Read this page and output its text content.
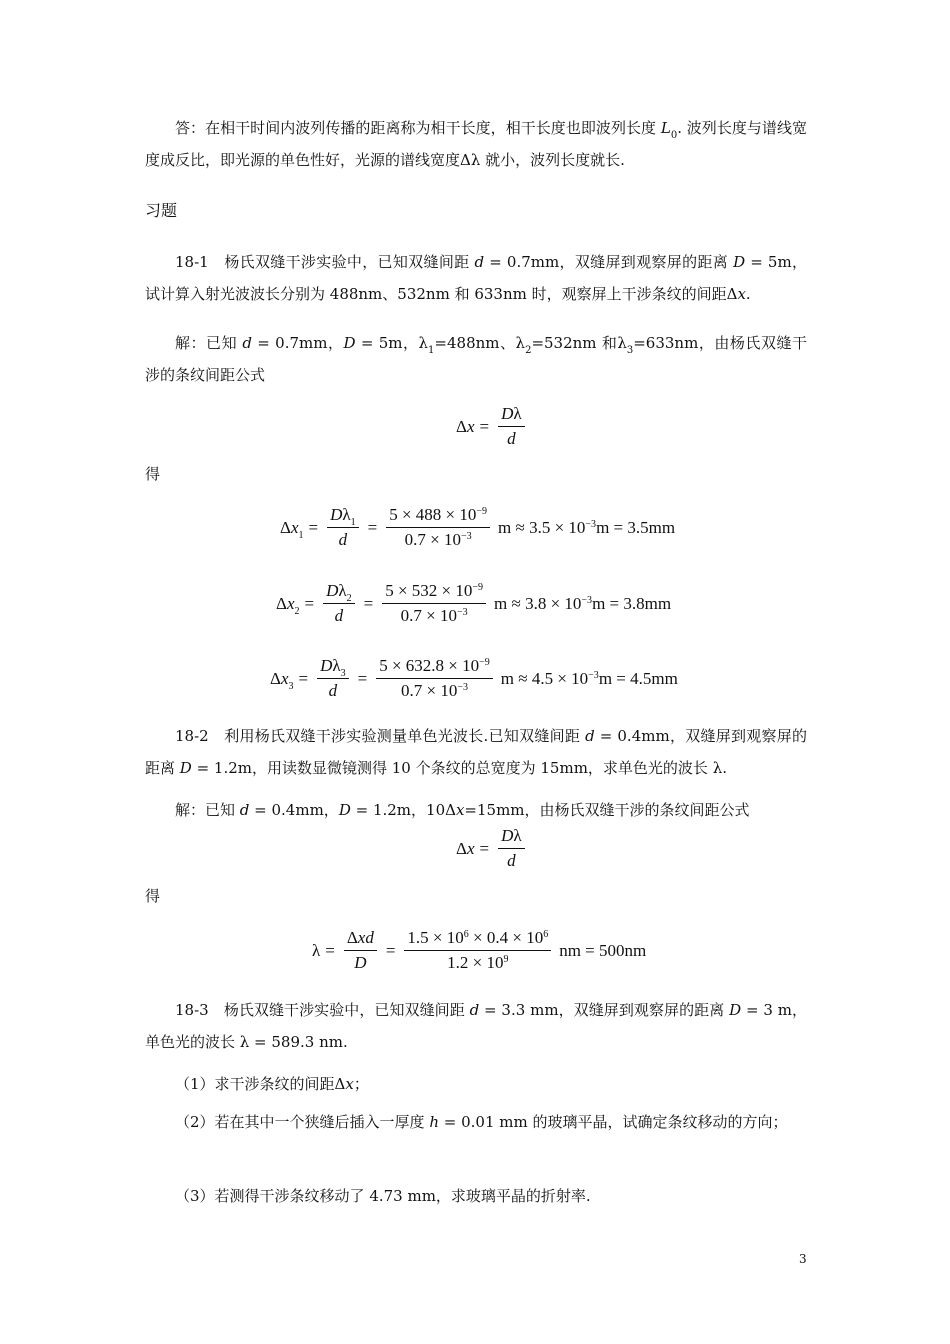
答：在相干时间内波列传播的距离称为相干长度，相干长度也即波列长度 $L_0$. 波列长度与谱线宽度成反比，即光源的单色性好，光源的谱线宽度Δλ 就小，波列长度就长.

习题

18-1　杨氏双缝干涉实验中，已知双缝间距 d = 0.7mm，双缝屏到观察屏的距离 D = 5m，试计算入射光波波长分别为 488nm、532nm 和 633nm 时，观察屏上干涉条纹的间距Δx.

解：已知 d = 0.7mm，D = 5m，$\lambda_1=488nm$、$\lambda_2=532nm$ 和$\lambda_3=633nm$，由杨氏双缝干涉的条纹间距公式

$\Delta x = \frac{D\lambda}{d}$

得

$\Delta x_1 = \frac{D\lambda_1}{d} = \frac{5 \times 488 \times 10^{-9}}{0.7 \times 10^{-3}}$ $m \approx 3.5 \times 10^{-3}m = 3.5mm$
$\Delta x_2 = \frac{D\lambda_2}{d} = \frac{5 \times 532 \times 10^{-9}}{0.7 \times 10^{-3}}$ $m \approx 3.8 \times 10^{-3}m = 3.8mm$
$\Delta x_3 = \frac{D\lambda_3}{d} = \frac{5 \times 632.8 \times 10^{-9}}{0.7 \times 10^{-3}}$ $m \approx 4.5 \times 10^{-3}m = 4.5mm$

18-2　利用杨氏双缝干涉实验测量单色光波长.已知双缝间距 d = 0.4mm，双缝屏到观察屏的距离 D = 1.2m，用读数显微镜测得 10 个条纹的总宽度为 15mm，求单色光的波长 λ.

解：已知 d = 0.4mm，D = 1.2m，10Δx=15mm，由杨氏双缝干涉的条纹间距公式

$\Delta x = \frac{D\lambda}{d}$

得

$\lambda = \frac{\text{Δxd}}{D} = \frac{1.5 \times 10^6 \times 0.4 \times 10^6}{1.2 \times 10^9}$ nm = 500nm

18-3　杨氏双缝干涉实验中，已知双缝间距 d = 3.3 mm，双缝屏到观察屏的距离 D = 3 m，单色光的波长 λ = 589.3 nm.

（1）求干涉条纹的间距Δx；

（2）若在其中一个狭缝后插入一厚度 h = 0.01 mm 的玻璃平晶，试确定条纹移动的方向；

（3）若测得干涉条纹移动了 4.73 mm，求玻璃平晶的折射率.

3
